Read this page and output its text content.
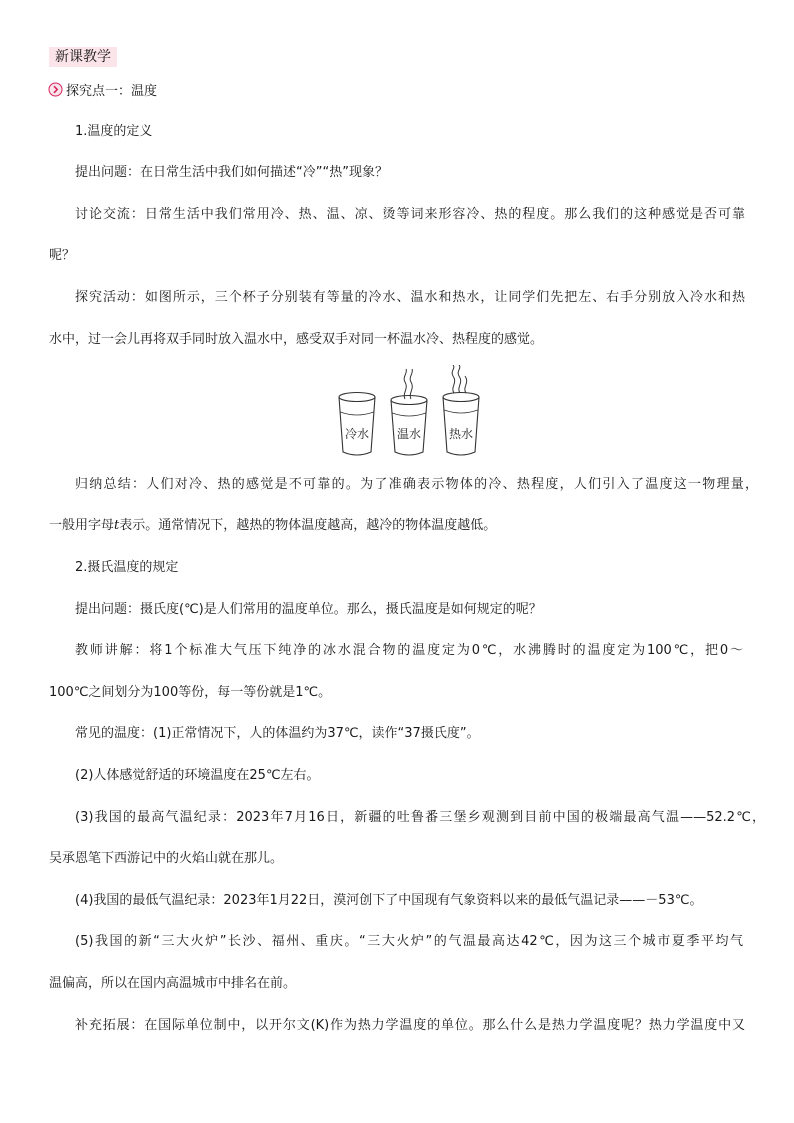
新课教学
探究点一：温度
1.温度的定义
提出问题：在日常生活中我们如何描述“冷”“热”现象？
讨论交流：日常生活中我们常用冷、热、温、凉、烫等词来形容冷、热的程度。那么我们的这种感觉是否可靠
呢？
探究活动：如图所示，三个杯子分别装有等量的冷水、温水和热水，让同学们先把左、右手分别放入冷水和热
水中，过一会儿再将双手同时放入温水中，感受双手对同一杯温水冷、热程度的感觉。
冷水 温水 热水
归纳总结：人们对冷、热的感觉是不可靠的。为了准确表示物体的冷、热程度，人们引入了温度这一物理量，
一般用字母t表示。通常情况下，越热的物体温度越高，越冷的物体温度越低。
2.摄氏温度的规定
提出问题：摄氏度(℃)是人们常用的温度单位。那么，摄氏温度是如何规定的呢？
教师讲解：将1个标准大气压下纯净的冰水混合物的温度定为0℃，水沸腾时的温度定为100℃，把0～
100℃之间划分为100等份，每一等份就是1℃。
常见的温度：(1)正常情况下，人的体温约为37℃，读作“37摄氏度”。
(2)人体感觉舒适的环境温度在25℃左右。
(3)我国的最高气温纪录：2023年7月16日，新疆的吐鲁番三堡乡观测到目前中国的极端最高气温——52.2℃，
吴承恩笔下西游记中的火焰山就在那儿。
(4)我国的最低气温纪录：2023年1月22日，漠河创下了中国现有气象资料以来的最低气温记录——－53℃。
(5)我国的新“三大火炉”长沙、福州、重庆。“三大火炉”的气温最高达42℃，因为这三个城市夏季平均气
温偏高，所以在国内高温城市中排名在前。
补充拓展：在国际单位制中，以开尔文(K)作为热力学温度的单位。那么什么是热力学温度呢？热力学温度中又
